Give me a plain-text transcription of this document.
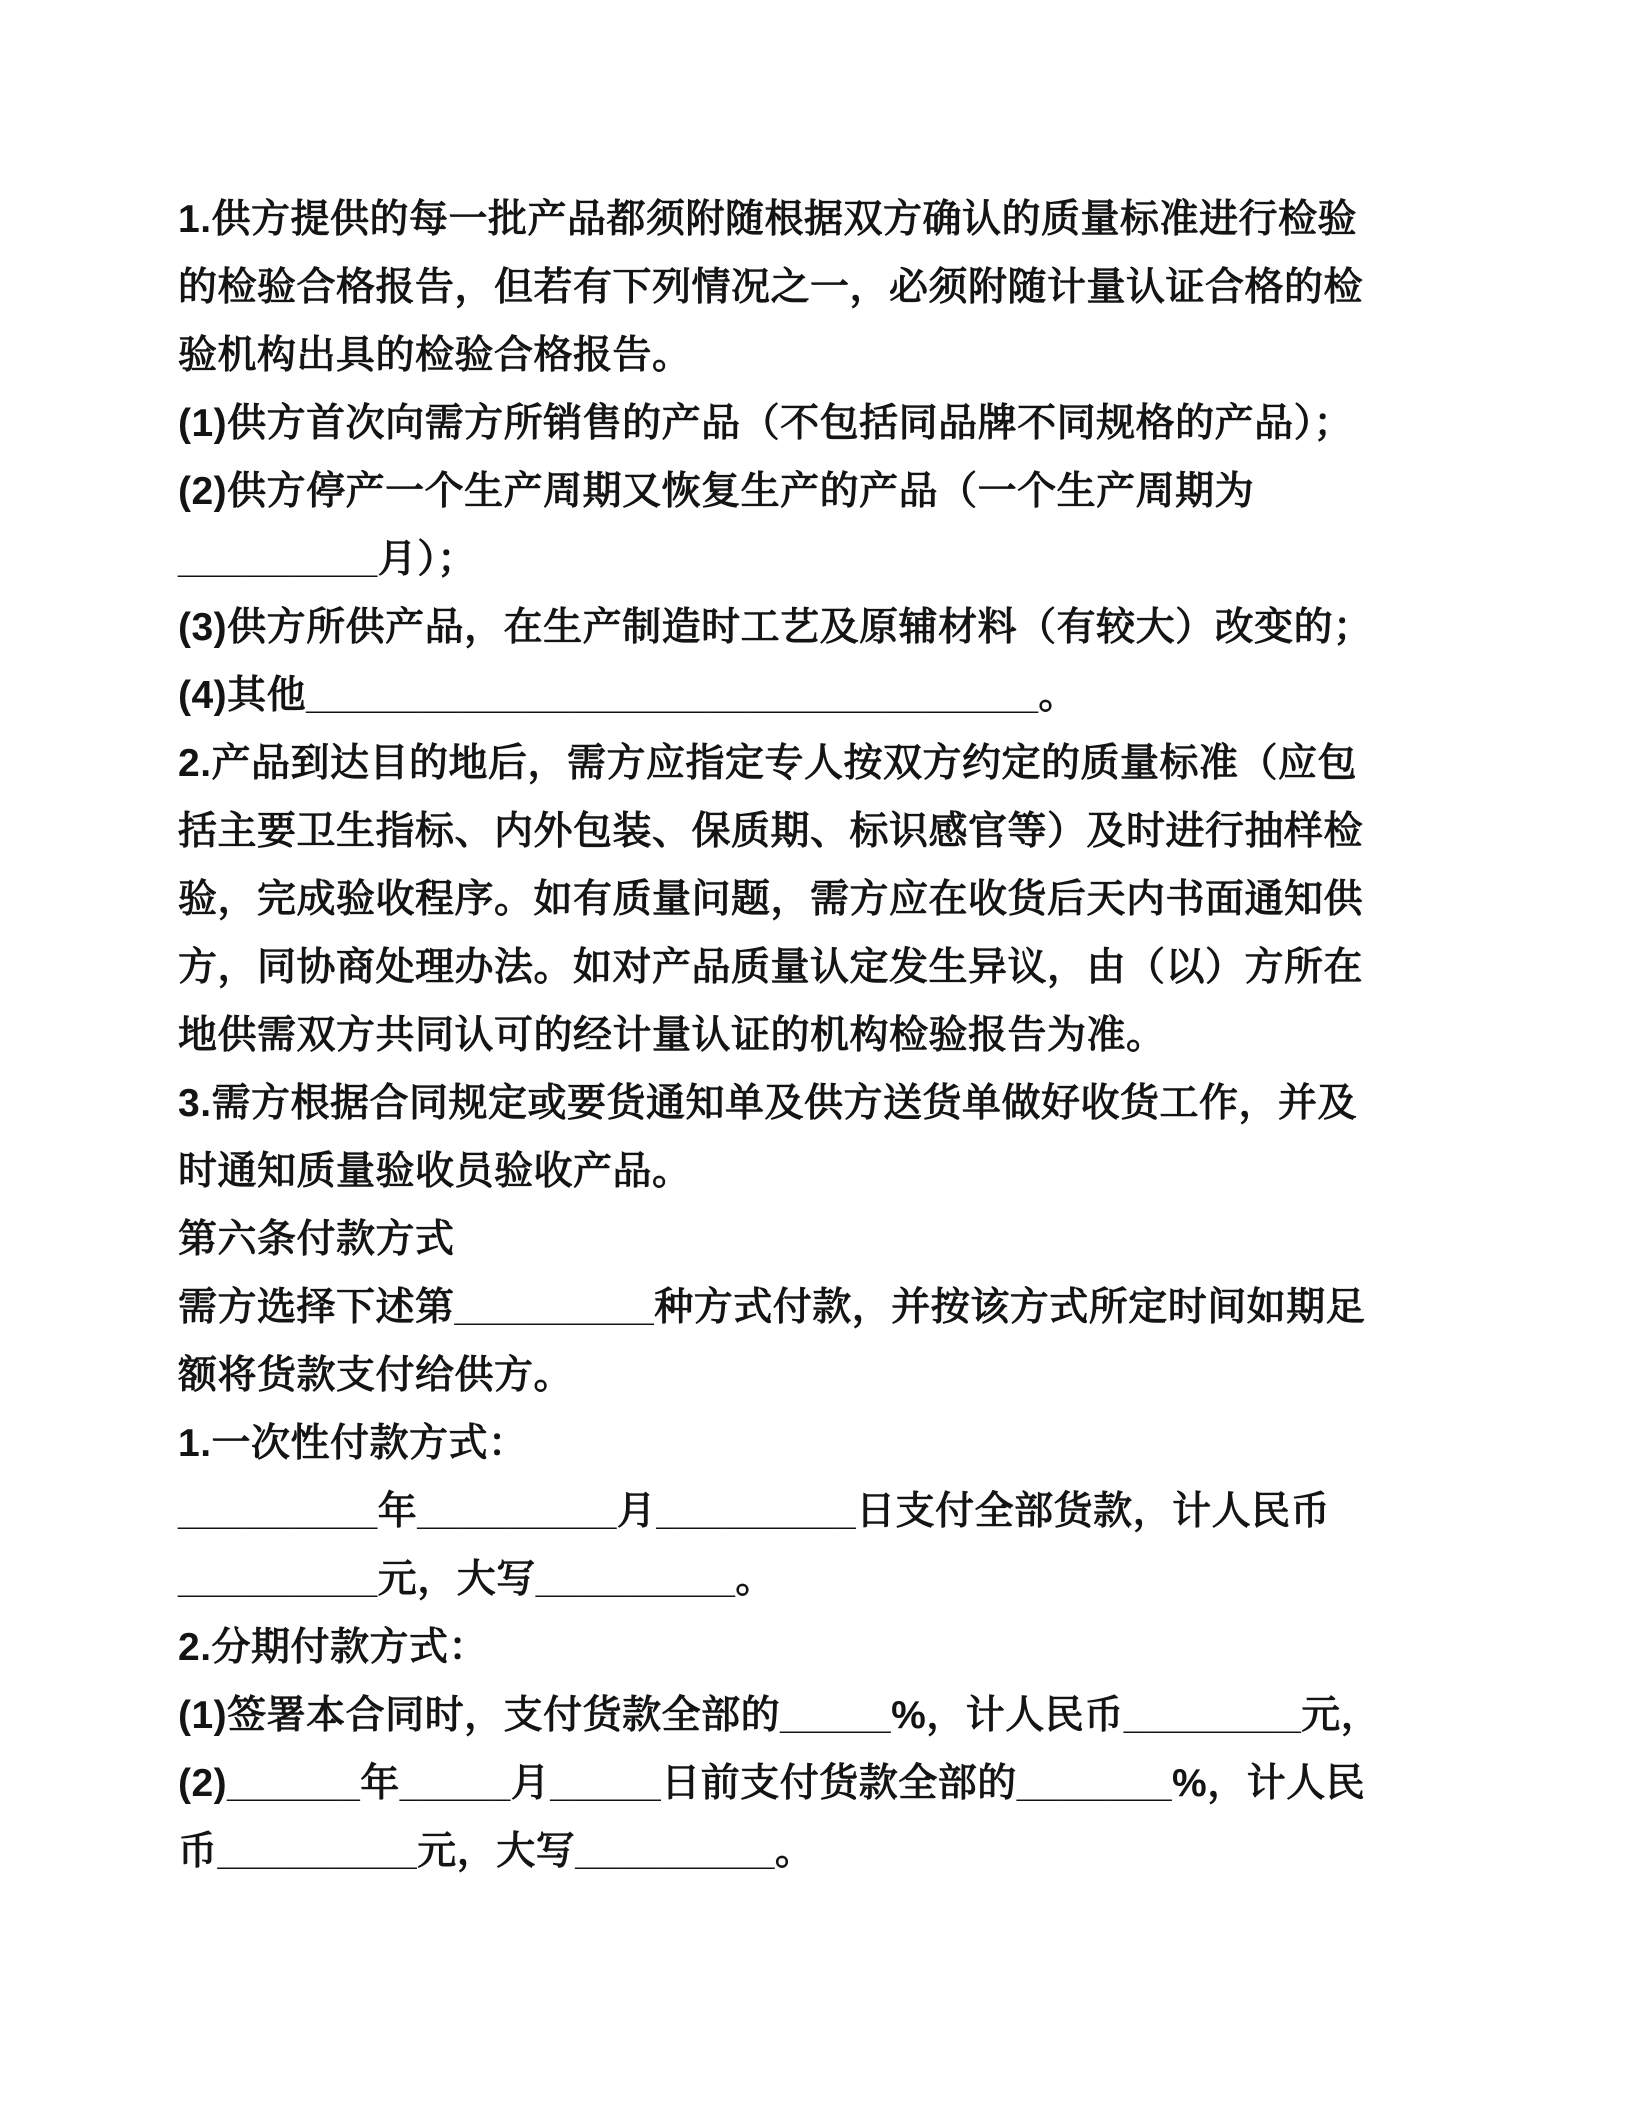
1.供方提供的每一批产品都须附随根据双方确认的质量标准进行检验
的检验合格报告，但若有下列情况之一，必须附随计量认证合格的检
验机构出具的检验合格报告。
(1)供方首次向需方所销售的产品（不包括同品牌不同规格的产品）；
(2)供方停产一个生产周期又恢复生产的产品（一个生产周期为
_________月）；
(3)供方所供产品，在生产制造时工艺及原辅材料（有较大）改变的；
(4)其他_________________________________。
2.产品到达目的地后，需方应指定专人按双方约定的质量标准（应包
括主要卫生指标、内外包装、保质期、标识感官等）及时进行抽样检
验，完成验收程序。如有质量问题，需方应在收货后天内书面通知供
方，同协商处理办法。如对产品质量认定发生异议，由（以）方所在
地供需双方共同认可的经计量认证的机构检验报告为准。
3.需方根据合同规定或要货通知单及供方送货单做好收货工作，并及
时通知质量验收员验收产品。
第六条付款方式
需方选择下述第_________种方式付款，并按该方式所定时间如期足
额将货款支付给供方。
1.一次性付款方式：
_________年_________月_________日支付全部货款，计人民币
_________元，大写_________。
2.分期付款方式：
(1)签署本合同时，支付货款全部的_____%，计人民币________元，
(2)______年_____月_____日前支付货款全部的_______%，计人民
币_________元，大写_________。
